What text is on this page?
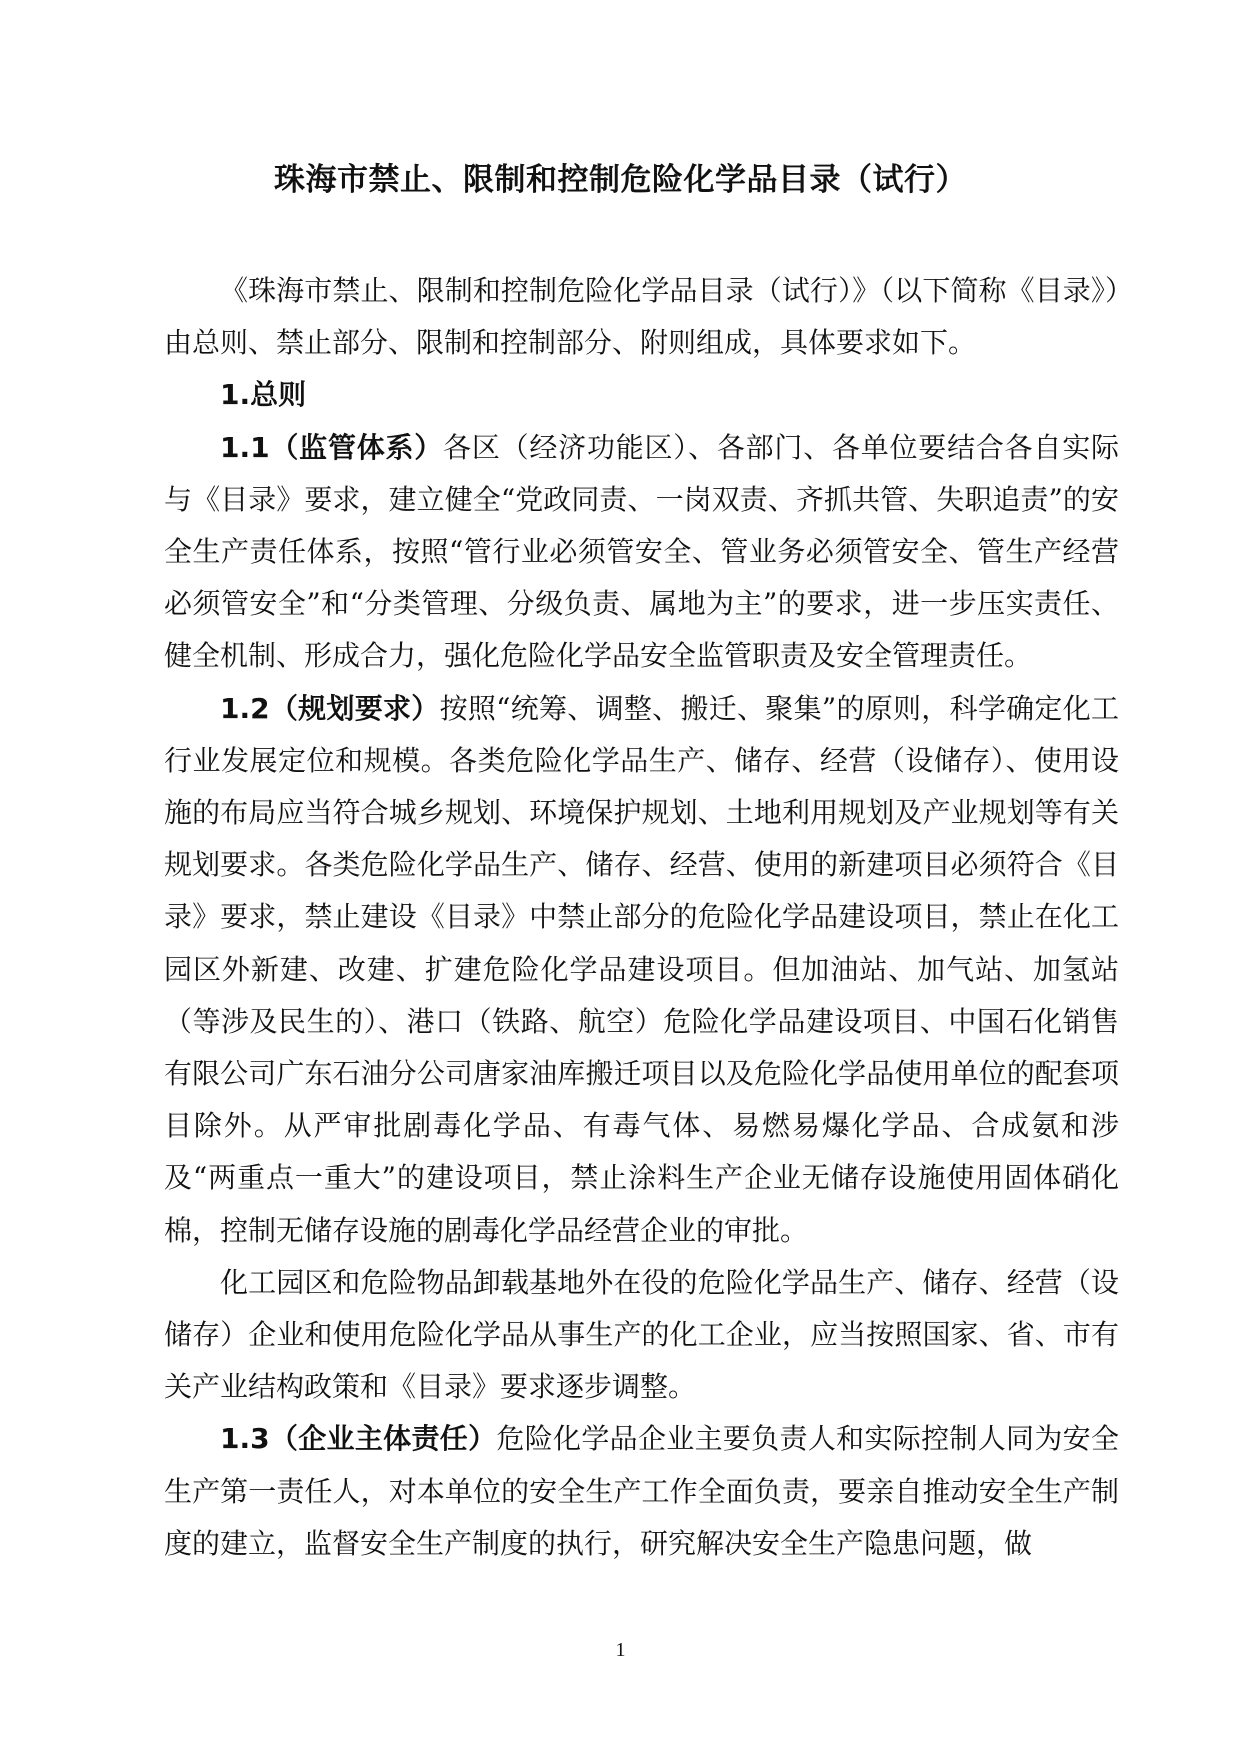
珠海市禁止、限制和控制危险化学品目录（试行）

《珠海市禁止、限制和控制危险化学品目录（试行）》（以下简称《目录》）由总则、禁止部分、限制和控制部分、附则组成，具体要求如下。

1.总则

1.1（监管体系）各区（经济功能区）、各部门、各单位要结合各自实际与《目录》要求，建立健全“党政同责、一岗双责、齐抓共管、失职追责”的安全生产责任体系，按照“管行业必须管安全、管业务必须管安全、管生产经营必须管安全”和“分类管理、分级负责、属地为主”的要求，进一步压实责任、健全机制、形成合力，强化危险化学品安全监管职责及安全管理责任。

1.2（规划要求）按照“统筹、调整、搬迁、聚集”的原则，科学确定化工行业发展定位和规模。各类危险化学品生产、储存、经营（设储存）、使用设施的布局应当符合城乡规划、环境保护规划、土地利用规划及产业规划等有关规划要求。各类危险化学品生产、储存、经营、使用的新建项目必须符合《目录》要求，禁止建设《目录》中禁止部分的危险化学品建设项目，禁止在化工园区外新建、改建、扩建危险化学品建设项目。但加油站、加气站、加氢站（等涉及民生的）、港口（铁路、航空）危险化学品建设项目、中国石化销售有限公司广东石油分公司唐家油库搬迁项目以及危险化学品使用单位的配套项目除外。从严审批剧毒化学品、有毒气体、易燃易爆化学品、合成氨和涉及“两重点一重大”的建设项目，禁止涂料生产企业无储存设施使用固体硝化棉，控制无储存设施的剧毒化学品经营企业的审批。

化工园区和危险物品卸载基地外在役的危险化学品生产、储存、经营（设储存）企业和使用危险化学品从事生产的化工企业，应当按照国家、省、市有关产业结构政策和《目录》要求逐步调整。

1.3（企业主体责任）危险化学品企业主要负责人和实际控制人同为安全生产第一责任人，对本单位的安全生产工作全面负责，要亲自推动安全生产制度的建立，监督安全生产制度的执行，研究解决安全生产隐患问题，做

1
